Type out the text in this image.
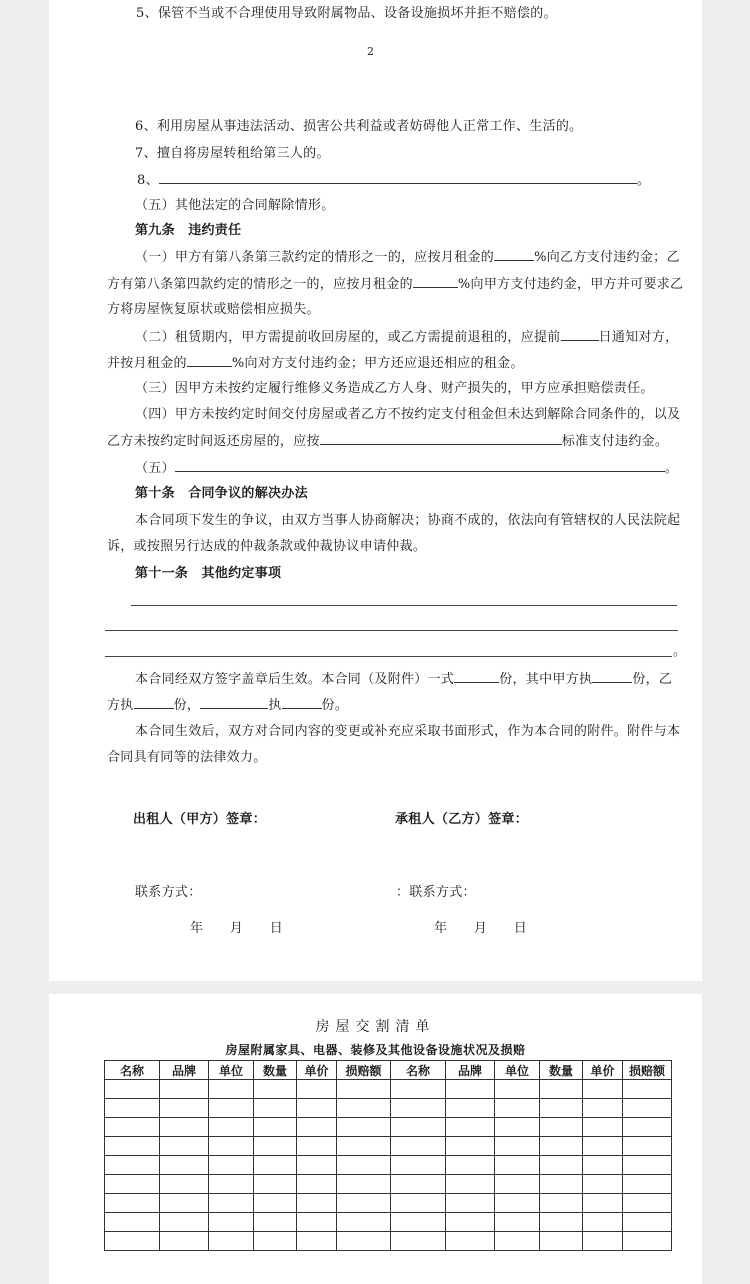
5、保管不当或不合理使用导致附属物品、设备设施损坏并拒不赔偿的。
2
6、利用房屋从事违法活动、损害公共利益或者妨碍他人正常工作、生活的。
7、擅自将房屋转租给第三人的。
8、	。
（五）其他法定的合同解除情形。
第九条　违约责任
（一）甲方有第八条第三款约定的情形之一的，应按月租金的	%向乙方支付违约金；乙
方有第八条第四款约定的情形之一的，应按月租金的	%向甲方支付违约金，甲方并可要求乙
方将房屋恢复原状或赔偿相应损失。
（二）租赁期内，甲方需提前收回房屋的，或乙方需提前退租的，应提前	日通知对方，
并按月租金的	%向对方支付违约金；甲方还应退还相应的租金。
（三）因甲方未按约定履行维修义务造成乙方人身、财产损失的，甲方应承担赔偿责任。
（四）甲方未按约定时间交付房屋或者乙方不按约定支付租金但未达到解除合同条件的，以及
乙方未按约定时间返还房屋的，应按	标准支付违约金。
（五）	。
第十条　合同争议的解决办法
本合同项下发生的争议，由双方当事人协商解决；协商不成的，依法向有管辖权的人民法院起
诉，或按照另行达成的仲裁条款或仲裁协议申请仲裁。
第十一条　其他约定事项
。
本合同经双方签字盖章后生效。本合同（及附件）一式	份，其中甲方执	份，乙
方执	份，	执	份。
本合同生效后，双方对合同内容的变更或补充应采取书面形式，作为本合同的附件。附件与本
合同具有同等的法律效力。
出租人（甲方）签章：	承租人（乙方）签章：
联系方式：	：联系方式：
年　　月　　日	年　　月　　日
房屋交割清单
房屋附属家具、电器、装修及其他设备设施状况及损赔
名称	品牌	单位	数量	单价	损赔额	名称	品牌	单位	数量	单价	损赔额
